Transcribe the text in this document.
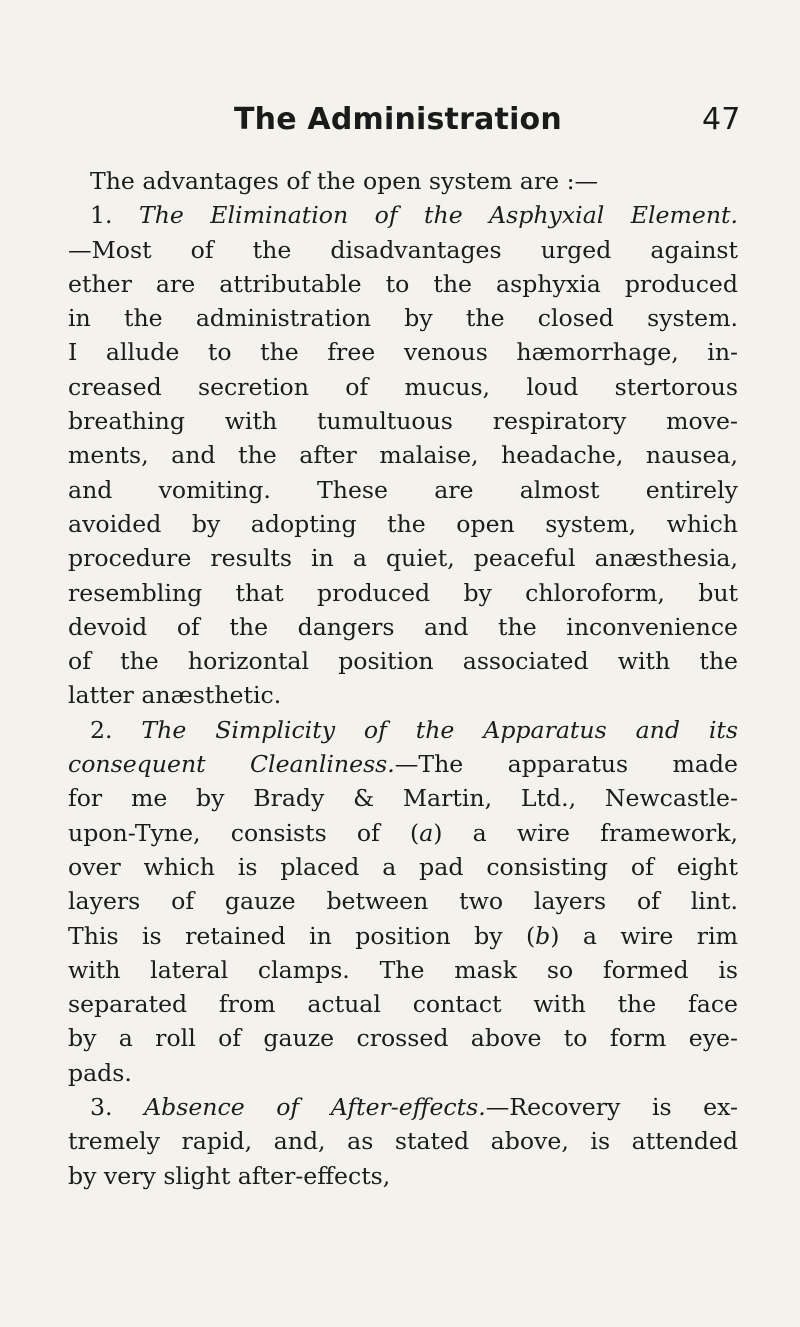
The Administration	47
The advantages of the open system are :—
1. The Elimination of the Asphyxial Element.
—Most of the disadvantages urged against
ether are attributable to the asphyxia produced
in the administration by the closed system.
I allude to the free venous hæmorrhage, in-
creased secretion of mucus, loud stertorous
breathing with tumultuous respiratory move-
ments, and the after malaise, headache, nausea,
and vomiting. These are almost entirely
avoided by adopting the open system, which
procedure results in a quiet, peaceful anæsthesia,
resembling that produced by chloroform, but
devoid of the dangers and the inconvenience
of the horizontal position associated with the
latter anæsthetic.
2. The Simplicity of the Apparatus and its
consequent Cleanliness.—The apparatus made
for me by Brady & Martin, Ltd., Newcastle-
upon-Tyne, consists of (a) a wire framework,
over which is placed a pad consisting of eight
layers of gauze between two layers of lint.
This is retained in position by (b) a wire rim
with lateral clamps. The mask so formed is
separated from actual contact with the face
by a roll of gauze crossed above to form eye-
pads.
3. Absence of After-effects.—Recovery is ex-
tremely rapid, and, as stated above, is attended
by very slight after-effects,
